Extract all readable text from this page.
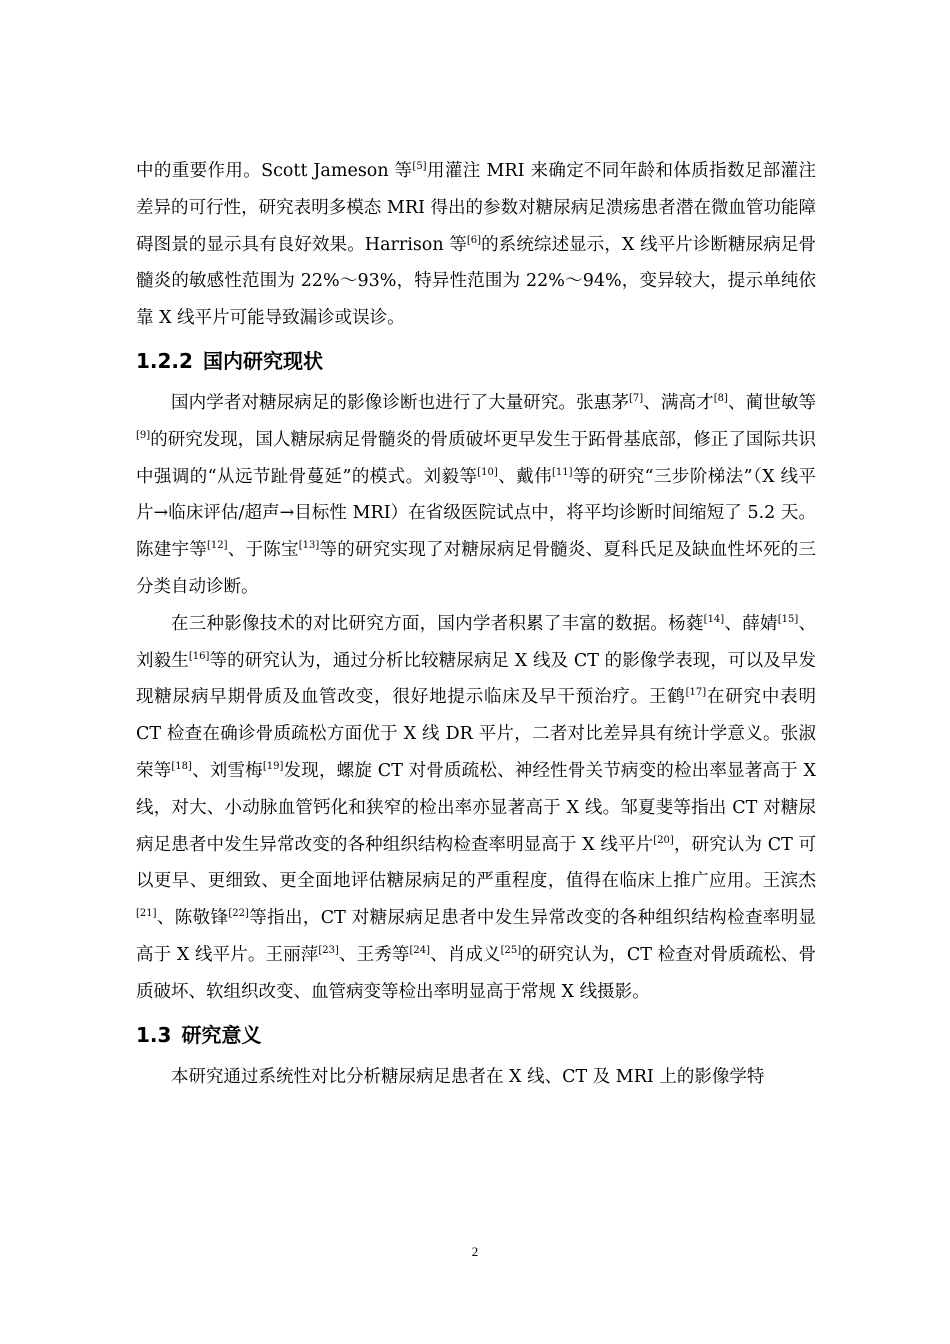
中的重要作用。Scott Jameson 等[5]用灌注 MRI 来确定不同年龄和体质指数足部灌注差异的可行性，研究表明多模态 MRI 得出的参数对糖尿病足溃疡患者潜在微血管功能障碍图景的显示具有良好效果。Harrison 等[6]的系统综述显示，X 线平片诊断糖尿病足骨髓炎的敏感性范围为 22%～93%，特异性范围为 22%～94%，变异较大，提示单纯依靠 X 线平片可能导致漏诊或误诊。

1.2.2 国内研究现状

国内学者对糖尿病足的影像诊断也进行了大量研究。张惠茅[7]、满高才[8]、蔺世敏等[9]的研究发现，国人糖尿病足骨髓炎的骨质破坏更早发生于跖骨基底部，修正了国际共识中强调的“从远节趾骨蔓延”的模式。刘毅等[10]、戴伟[11]等的研究“三步阶梯法”（X 线平片→临床评估/超声→目标性 MRI）在省级医院试点中，将平均诊断时间缩短了 5.2 天。陈建宇等[12]、于陈宝[13]等的研究实现了对糖尿病足骨髓炎、夏科氏足及缺血性坏死的三分类自动诊断。

在三种影像技术的对比研究方面，国内学者积累了丰富的数据。杨蕤[14]、薛婧[15]、刘毅生[16]等的研究认为，通过分析比较糖尿病足 X 线及 CT 的影像学表现，可以及早发现糖尿病早期骨质及血管改变，很好地提示临床及早干预治疗。王鹤[17]在研究中表明 CT 检查在确诊骨质疏松方面优于 X 线 DR 平片，二者对比差异具有统计学意义。张淑荣等[18]、刘雪梅[19]发现，螺旋 CT 对骨质疏松、神经性骨关节病变的检出率显著高于 X 线，对大、小动脉血管钙化和狭窄的检出率亦显著高于 X 线。邹夏斐等指出 CT 对糖尿病足患者中发生异常改变的各种组织结构检查率明显高于 X 线平片[20]，研究认为 CT 可以更早、更细致、更全面地评估糖尿病足的严重程度，值得在临床上推广应用。王滨杰[21]、陈敬锋[22]等指出，CT 对糖尿病足患者中发生异常改变的各种组织结构检查率明显高于 X 线平片。王丽萍[23]、王秀等[24]、肖成义[25]的研究认为，CT 检查对骨质疏松、骨质破坏、软组织改变、血管病变等检出率明显高于常规 X 线摄影。

1.3 研究意义

本研究通过系统性对比分析糖尿病足患者在 X 线、CT 及 MRI 上的影像学特

2
